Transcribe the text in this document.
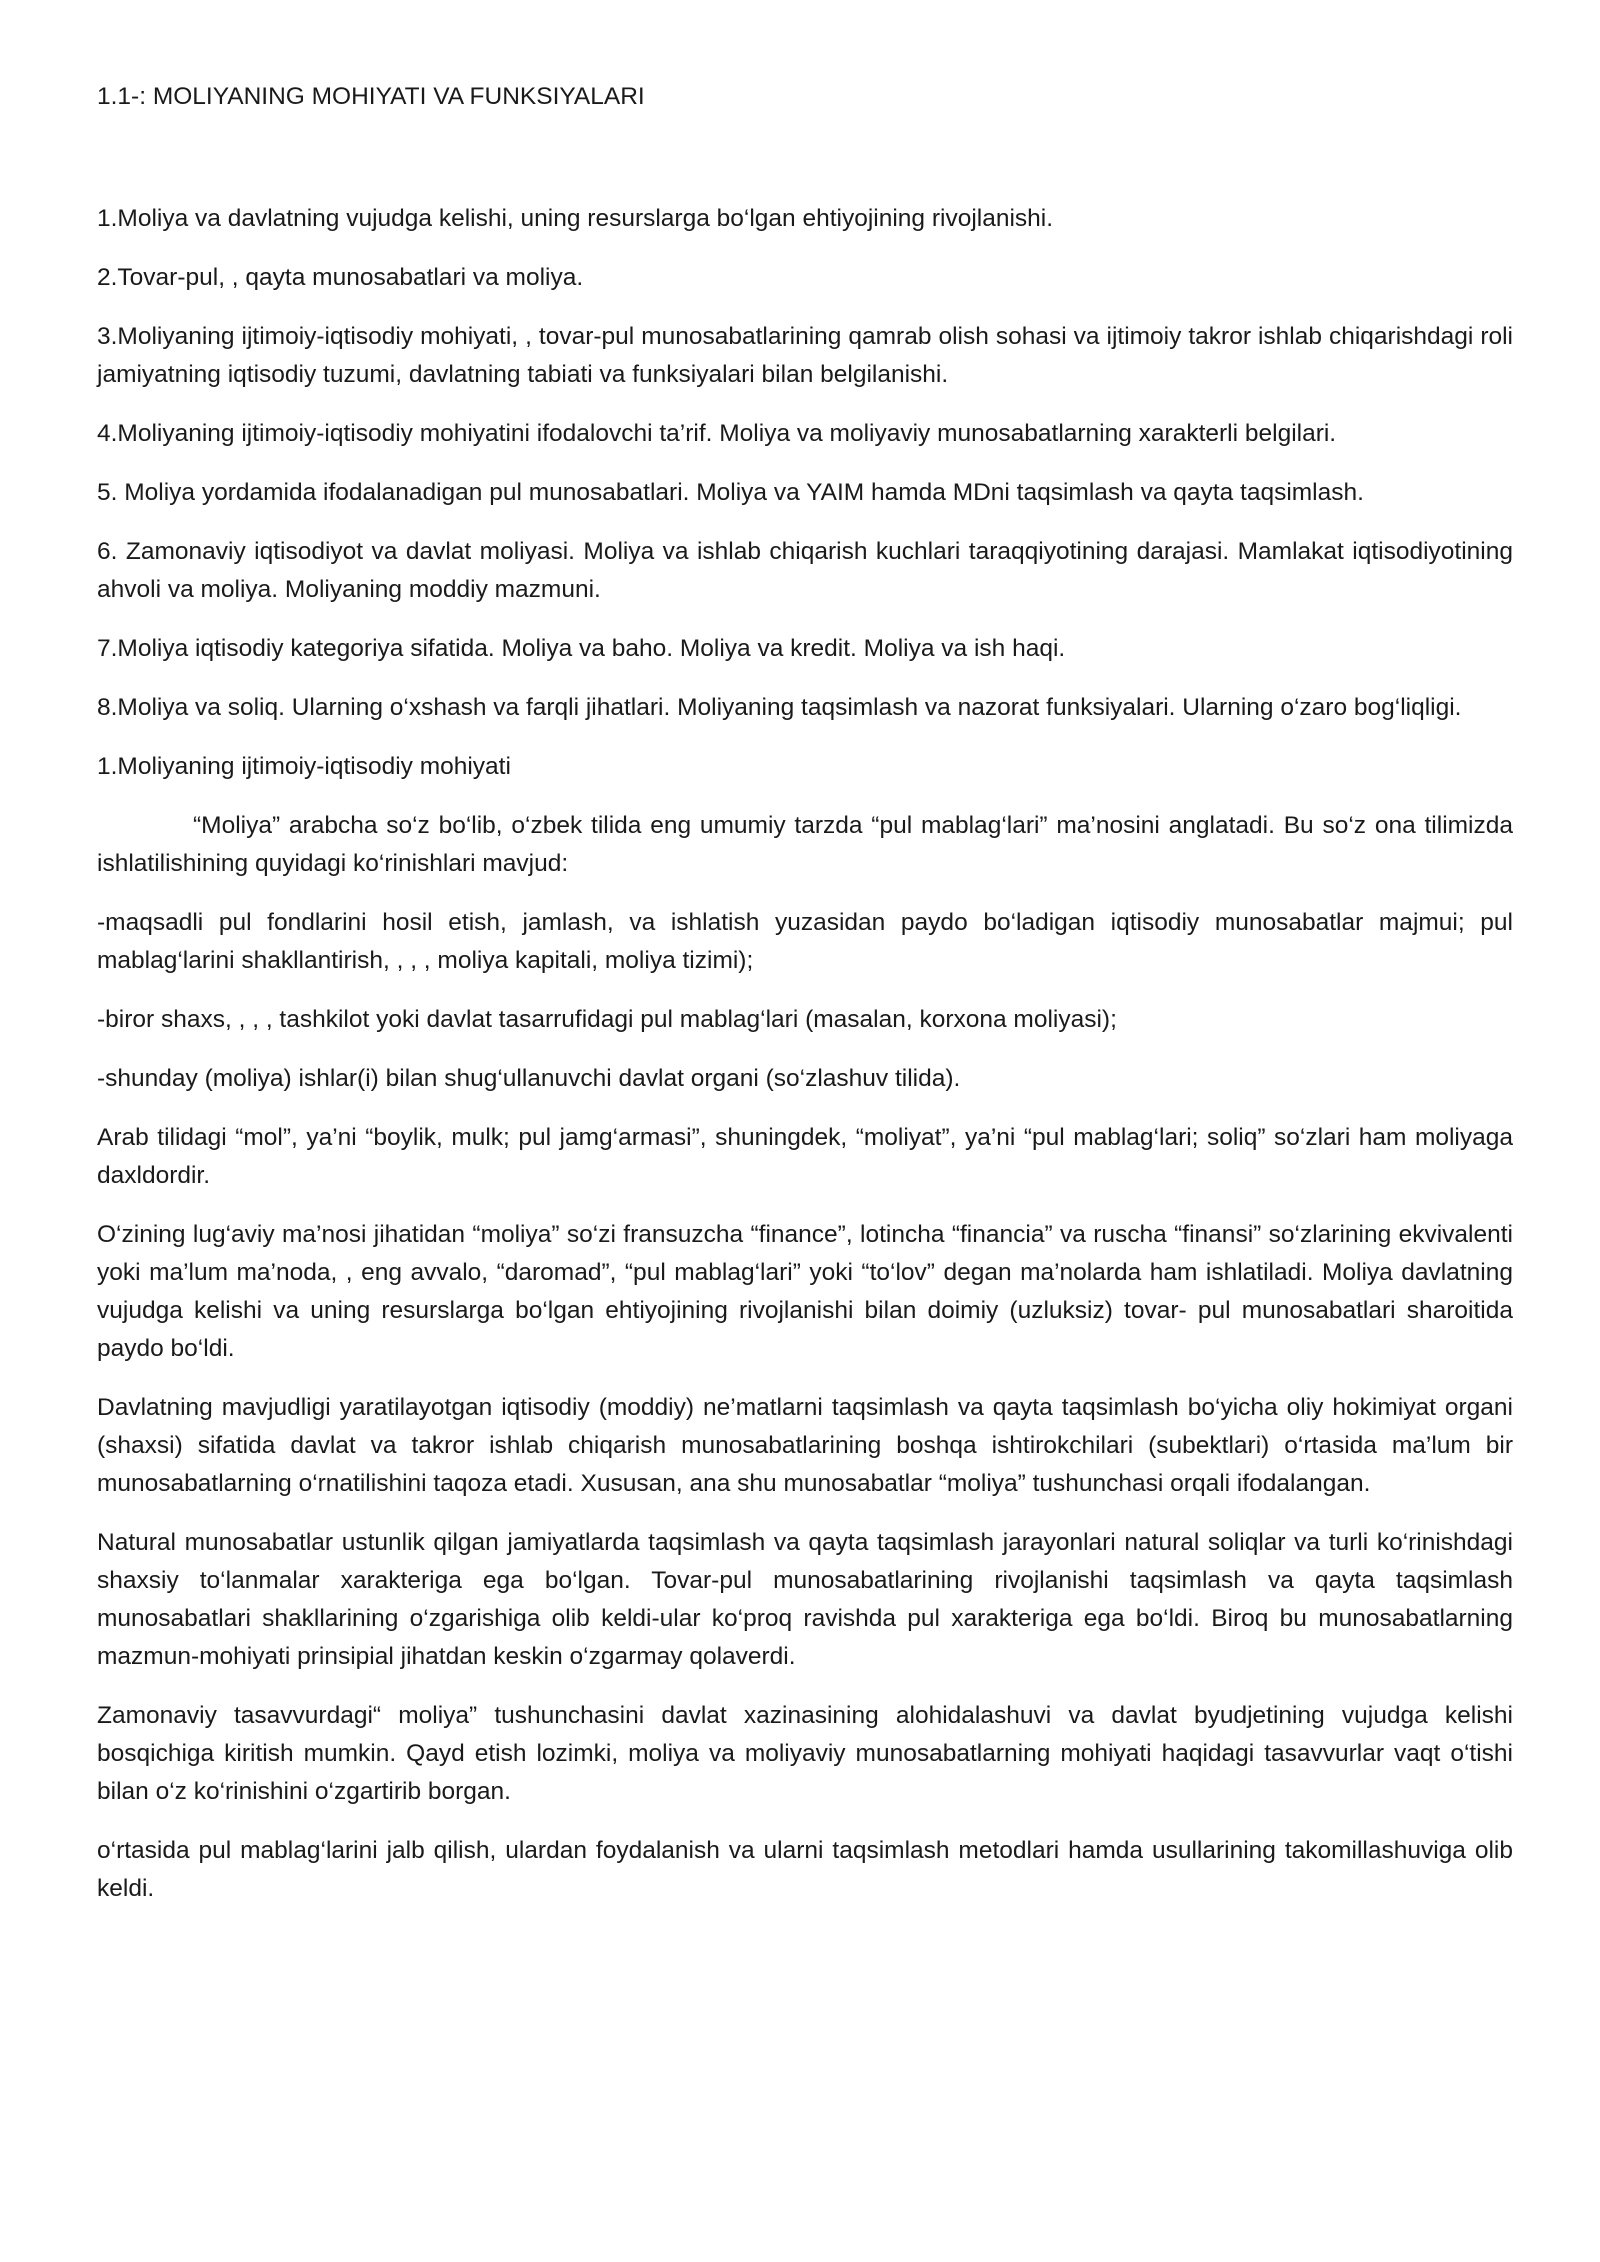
1.1-: MOLIYANING MOHIYATI VA FUNKSIYALARI

1.Moliya va davlatning vujudga kelishi, uning resurslarga bo‘lgan ehtiyojining rivojlanishi.

2.Tovar-pul, , qayta munosabatlari va moliya.

3.Moliyaning ijtimoiy-iqtisodiy mohiyati, , tovar-pul munosabatlarining qamrab olish sohasi va ijtimoiy takror ishlab chiqarishdagi roli jamiyatning iqtisodiy tuzumi, davlatning tabiati va funksiyalari bilan belgilanishi.

4.Moliyaning ijtimoiy-iqtisodiy mohiyatini ifodalovchi ta’rif. Moliya va moliyaviy munosabatlarning xarakterli belgilari.

5. Moliya yordamida ifodalanadigan pul munosabatlari. Moliya va YAIM hamda MDni taqsimlash va qayta taqsimlash.

6. Zamonaviy iqtisodiyot va davlat moliyasi. Moliya va ishlab chiqarish kuchlari taraqqiyotining darajasi. Mamlakat iqtisodiyotining ahvoli va moliya. Moliyaning moddiy mazmuni.

7.Moliya iqtisodiy kategoriya sifatida. Moliya va baho. Moliya va kredit. Moliya va ish haqi.

8.Moliya va soliq. Ularning o‘xshash va farqli jihatlari. Moliyaning taqsimlash va nazorat funksiyalari. Ularning o‘zaro bog‘liqligi.

1.Moliyaning ijtimoiy-iqtisodiy mohiyati

“Moliya” arabcha so‘z bo‘lib, o‘zbek tilida eng umumiy tarzda “pul mablag‘lari” ma’nosini anglatadi. Bu so‘z ona tilimizda ishlatilishining quyidagi ko‘rinishlari mavjud:

-maqsadli pul fondlarini hosil etish, jamlash, va ishlatish yuzasidan paydo bo‘ladigan iqtisodiy munosabatlar majmui; pul mablag‘larini shakllantirish, , , , moliya kapitali, moliya tizimi);

-biror shaxs, , , , tashkilot yoki davlat tasarrufidagi pul mablag‘lari (masalan, korxona moliyasi);

-shunday (moliya) ishlar(i) bilan shug‘ullanuvchi davlat organi (so‘zlashuv tilida).

Arab tilidagi “mol”, ya’ni “boylik, mulk; pul jamg‘armasi”, shuningdek, “moliyat”, ya’ni “pul mablag‘lari; soliq” so‘zlari ham moliyaga daxldordir.

O‘zining lug‘aviy ma’nosi jihatidan “moliya” so‘zi fransuzcha “finance”, lotincha “financia” va ruscha “finansi” so‘zlarining ekvivalenti yoki ma’lum ma’noda, , eng avvalo, “daromad”, “pul mablag‘lari” yoki “to‘lov” degan ma’nolarda ham ishlatiladi. Moliya davlatning vujudga kelishi va uning resurslarga bo‘lgan ehtiyojining rivojlanishi bilan doimiy (uzluksiz) tovar- pul munosabatlari sharoitida paydo bo‘ldi.

Davlatning mavjudligi yaratilayotgan iqtisodiy (moddiy) ne’matlarni taqsimlash va qayta taqsimlash bo‘yicha oliy hokimiyat organi (shaxsi) sifatida davlat va takror ishlab chiqarish munosabatlarining boshqa ishtirokchilari (subektlari) o‘rtasida ma’lum bir munosabatlarning o‘rnatilishini taqoza etadi. Xususan, ana shu munosabatlar “moliya” tushunchasi orqali ifodalangan.

Natural munosabatlar ustunlik qilgan jamiyatlarda taqsimlash va qayta taqsimlash jarayonlari natural soliqlar va turli ko‘rinishdagi shaxsiy to‘lanmalar xarakteriga ega bo‘lgan. Tovar-pul munosabatlarining rivojlanishi taqsimlash va qayta taqsimlash munosabatlari shakllarining o‘zgarishiga olib keldi-ular ko‘proq ravishda pul xarakteriga ega bo‘ldi. Biroq bu munosabatlarning mazmun-mohiyati prinsipial jihatdan keskin o‘zgarmay qolaverdi.

Zamonaviy tasavvurdagi“ moliya” tushunchasini davlat xazinasining alohidalashuvi va davlat byudjetining vujudga kelishi bosqichiga kiritish mumkin. Qayd etish lozimki, moliya va moliyaviy munosabatlarning mohiyati haqidagi tasavvurlar vaqt o‘tishi bilan o‘z ko‘rinishini o‘zgartirib borgan.

o‘rtasida pul mablag‘larini jalb qilish, ulardan foydalanish va ularni taqsimlash metodlari hamda usullarining takomillashuviga olib keldi.
